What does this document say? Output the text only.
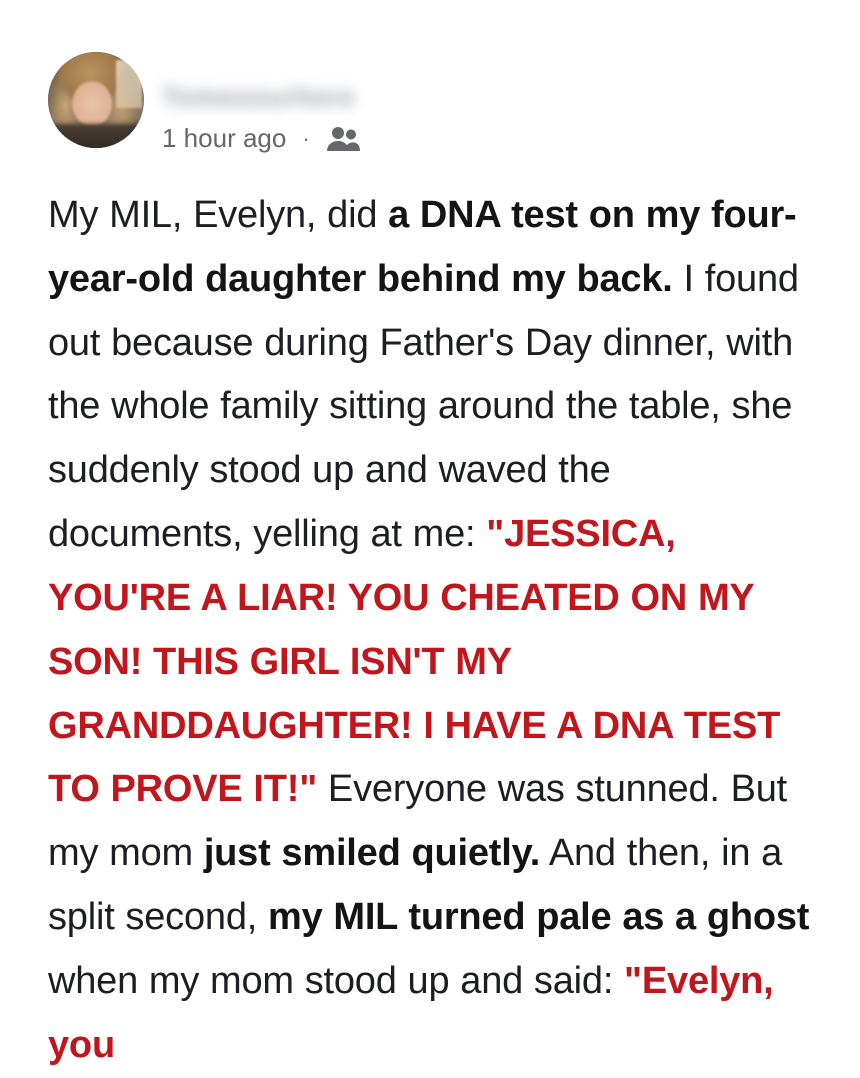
Tomeoourhere
1 hour ago ·
My MIL, Evelyn, did a DNA test on my four-year-old daughter behind my back. I found out because during Father's Day dinner, with the whole family sitting around the table, she suddenly stood up and waved the documents, yelling at me: "JESSICA, YOU'RE A LIAR! YOU CHEATED ON MY SON! THIS GIRL ISN'T MY GRANDDAUGHTER! I HAVE A DNA TEST TO PROVE IT!" Everyone was stunned. But my mom just smiled quietly. And then, in a split second, my MIL turned pale as a ghost when my mom stood up and said: "Evelyn, you
